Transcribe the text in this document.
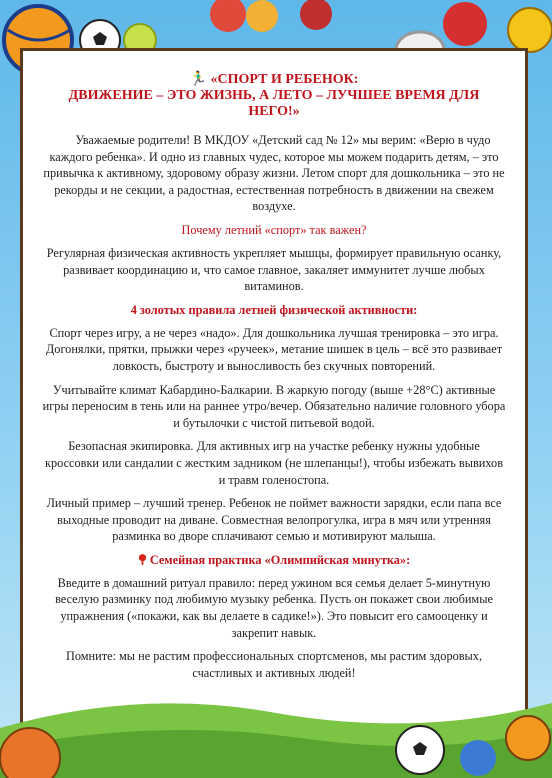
🏃‍♂ «СПОРТ И РЕБЕНОК:
ДВИЖЕНИЕ – ЭТО ЖИЗНЬ, А ЛЕТО – ЛУЧШЕЕ ВРЕМЯ ДЛЯ НЕГО!»

Уважаемые родители! В МКДОУ «Детский сад № 12» мы верим: «Верю в чудо каждого ребенка». И одно из главных чудес, которое мы можем подарить детям, – это привычка к активному, здоровому образу жизни. Летом спорт для дошкольника – это не рекорды и не секции, а радостная, естественная потребность в движении на свежем воздухе.

Почему летний «спорт» так важен?

Регулярная физическая активность укрепляет мышцы, формирует правильную осанку, развивает координацию и, что самое главное, закаляет иммунитет лучше любых витаминов.

4 золотых правила летней физической активности:

Спорт через игру, а не через «надо». Для дошкольника лучшая тренировка – это игра. Догонялки, прятки, прыжки через «ручеек», метание шишек в цель – всё это развивает ловкость, быстроту и выносливость без скучных повторений.

Учитывайте климат Кабардино-Балкарии. В жаркую погоду (выше +28°C) активные игры переносим в тень или на раннее утро/вечер. Обязательно наличие головного убора и бутылочки с чистой питьевой водой.

Безопасная экипировка. Для активных игр на участке ребенку нужны удобные кроссовки или сандалии с жестким задником (не шлепанцы!), чтобы избежать вывихов и травм голеностопа.

Личный пример – лучший тренер. Ребенок не поймет важности зарядки, если папа все выходные проводит на диване. Совместная велопрогулка, игра в мяч или утренняя разминка во дворе сплачивают семью и мотивируют малыша.

Семейная практика «Олимпийская минутка»:

Введите в домашний ритуал правило: перед ужином вся семья делает 5-минутную веселую разминку под любимую музыку ребенка. Пусть он покажет свои любимые упражнения («покажи, как вы делаете в садике!»). Это повысит его самооценку и закрепит навык.

Помните: мы не растим профессиональных спортсменов, мы растим здоровых, счастливых и активных людей!
